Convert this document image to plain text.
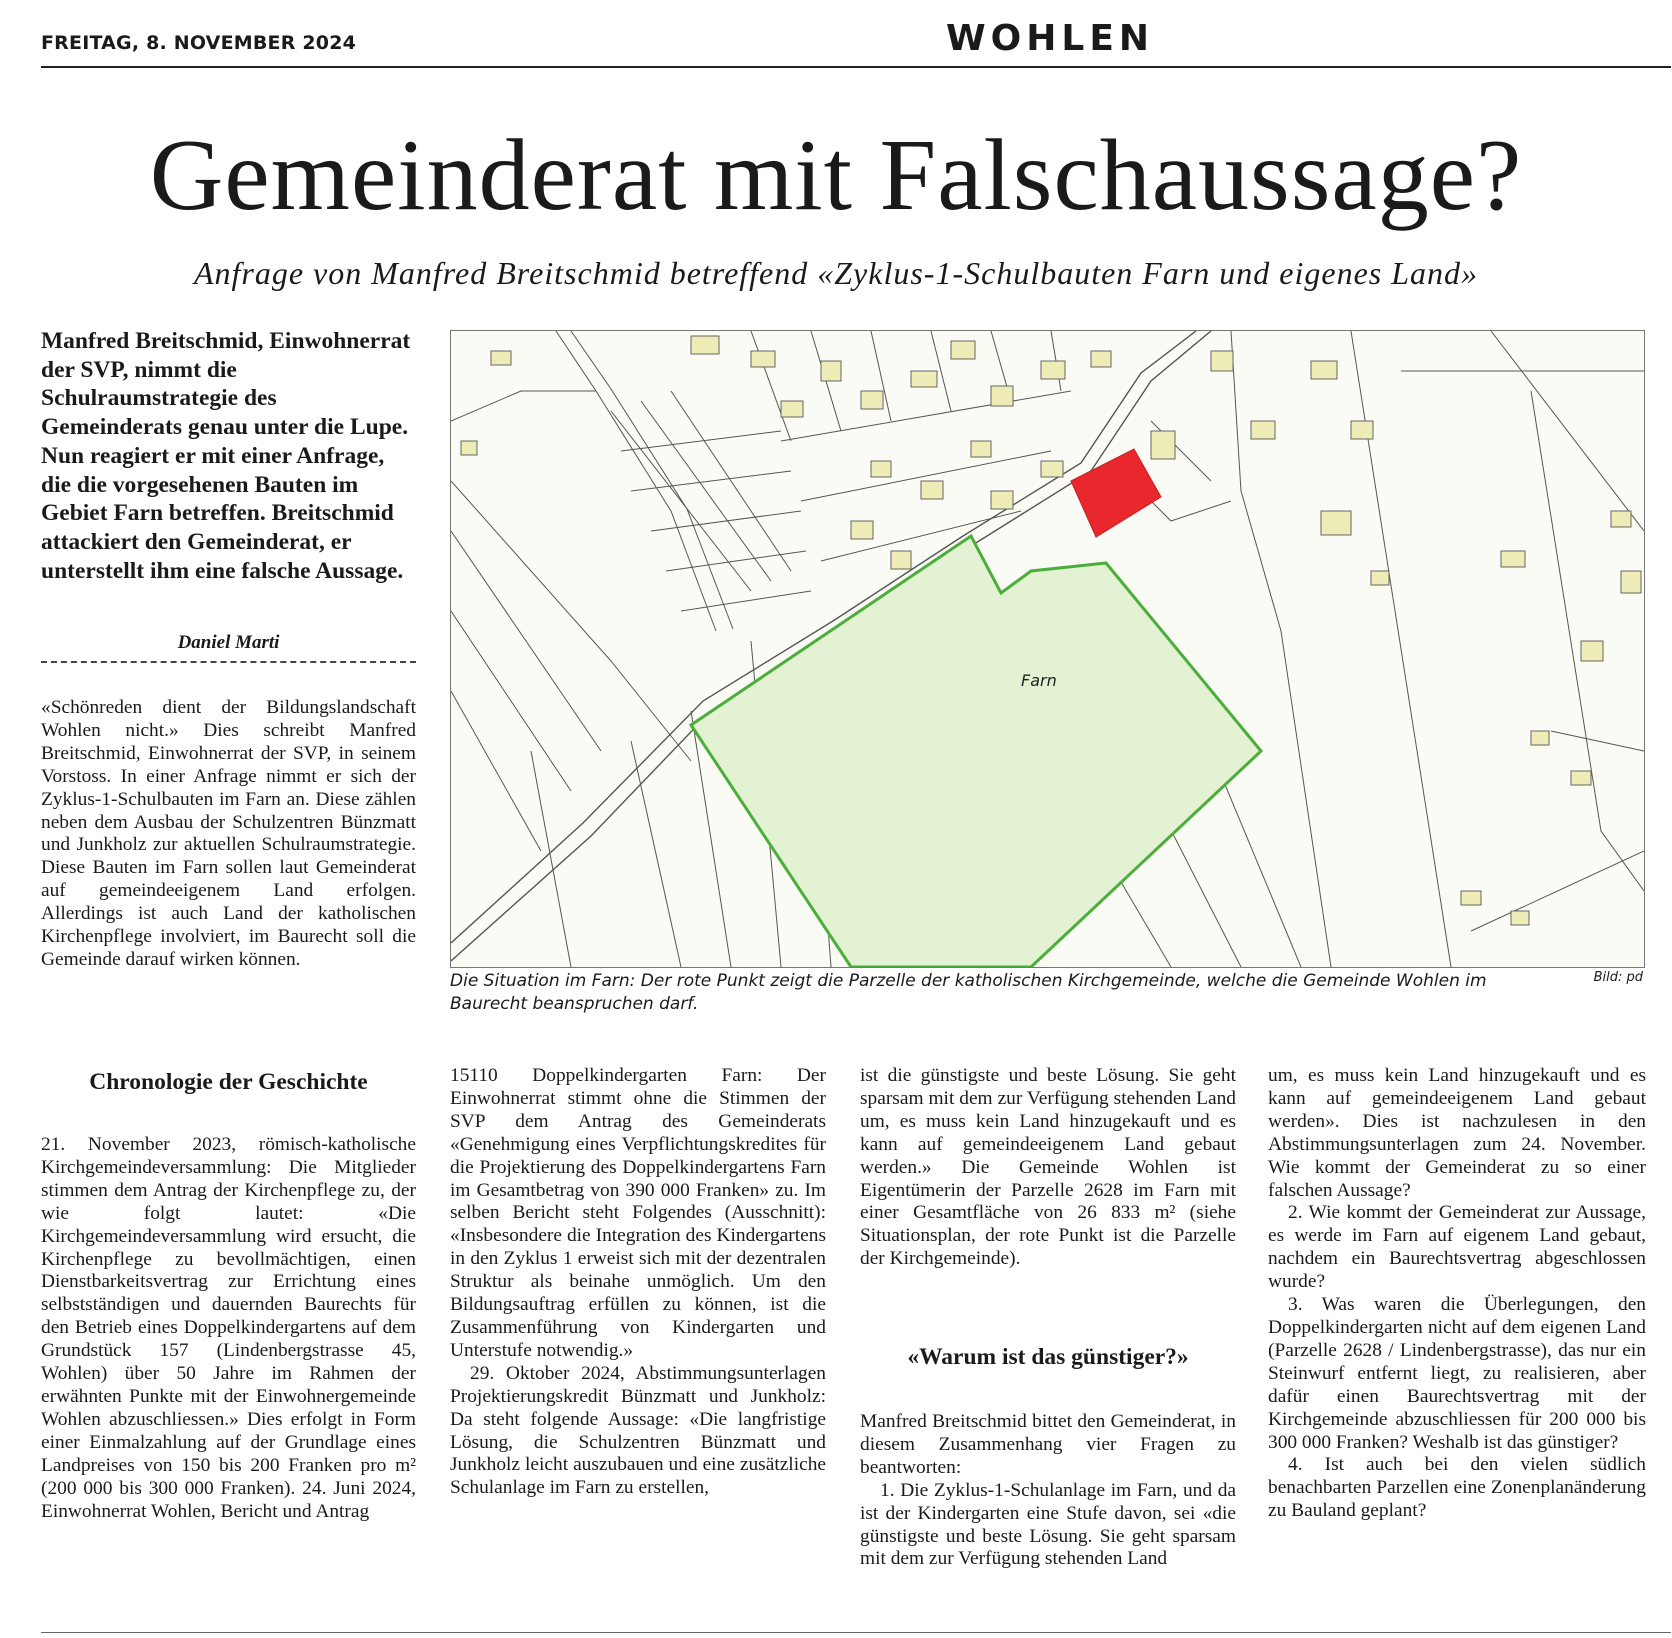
FREITAG, 8. NOVEMBER 2024	WOHLEN
Gemeinderat mit Falschaussage?
Anfrage von Manfred Breitschmid betreffend «Zyklus-1-Schulbauten Farn und eigenes Land»
Manfred Breitschmid, Einwohnerrat der SVP, nimmt die Schulraumstrategie des Gemeinderats genau unter die Lupe. Nun reagiert er mit einer Anfrage, die die vorgesehenen Bauten im Gebiet Farn betreffen. Breitschmid attackiert den Gemeinderat, er unterstellt ihm eine falsche Aussage.
Daniel Marti

«Schönreden dient der Bildungslandschaft Wohlen nicht.» Dies schreibt Manfred Breitschmid, Einwohnerrat der SVP, in seinem Vorstoss. In einer Anfrage nimmt er sich der Zyklus-1-Schulbauten im Farn an. Diese zählen neben dem Ausbau der Schulzentren Bünzmatt und Junkholz zur aktuellen Schulraumstrategie. Diese Bauten im Farn sollen laut Gemeinderat auf gemeindeeigenem Land erfolgen. Allerdings ist auch Land der katholischen Kirchenpflege involviert, im Baurecht soll die Gemeinde darauf wirken können.

Chronologie der Geschichte

21. November 2023, römisch-katholische Kirchgemeindeversammlung: Die Mitglieder stimmen dem Antrag der Kirchenpflege zu, der wie folgt lautet: «Die Kirchgemeindeversammlung wird ersucht, die Kirchenpflege zu bevollmächtigen, einen Dienstbarkeitsvertrag zur Errichtung eines selbstständigen und dauernden Baurechts für den Betrieb eines Doppelkindergartens auf dem Grundstück 157 (Lindenbergstrasse 45, Wohlen) über 50 Jahre im Rahmen der erwähnten Punkte mit der Einwohnergemeinde Wohlen abzuschliessen.» Dies erfolgt in Form einer Einmalzahlung auf der Grundlage eines Landpreises von 150 bis 200 Franken pro m² (200 000 bis 300 000 Franken). 24. Juni 2024, Einwohnerrat Wohlen, Bericht und Antrag

15110 Doppelkindergarten Farn: Der Einwohnerrat stimmt ohne die Stimmen der SVP dem Antrag des Gemeinderats «Genehmigung eines Verpflichtungskredites für die Projektierung des Doppelkindergartens Farn im Gesamtbetrag von 390 000 Franken» zu. Im selben Bericht steht Folgendes (Ausschnitt): «Insbesondere die Integration des Kindergartens in den Zyklus 1 erweist sich mit der dezentralen Struktur als beinahe unmöglich. Um den Bildungsauftrag erfüllen zu können, ist die Zusammenführung von Kindergarten und Unterstufe notwendig.»

29. Oktober 2024, Abstimmungsunterlagen Projektierungskredit Bünzmatt und Junkholz: Da steht folgende Aussage: «Die langfristige Lösung, die Schulzentren Bünzmatt und Junkholz leicht auszubauen und eine zusätzliche Schulanlage im Farn zu erstellen,

ist die günstigste und beste Lösung. Sie geht sparsam mit dem zur Verfügung stehenden Land um, es muss kein Land hinzugekauft und es kann auf gemeindeeigenem Land gebaut werden.» Die Gemeinde Wohlen ist Eigentümerin der Parzelle 2628 im Farn mit einer Gesamtfläche von 26 833 m² (siehe Situationsplan, der rote Punkt ist die Parzelle der Kirchgemeinde).

«Warum ist das günstiger?»

Manfred Breitschmid bittet den Gemeinderat, in diesem Zusammenhang vier Fragen zu beantworten:

1. Die Zyklus-1-Schulanlage im Farn, und da ist der Kindergarten eine Stufe davon, sei «die günstigste und beste Lösung. Sie geht sparsam mit dem zur Verfügung stehenden Land

um, es muss kein Land hinzugekauft und es kann auf gemeindeeigenem Land gebaut werden». Dies ist nachzulesen in den Abstimmungsunterlagen zum 24. November. Wie kommt der Gemeinderat zu so einer falschen Aussage?

2. Wie kommt der Gemeinderat zur Aussage, es werde im Farn auf eigenem Land gebaut, nachdem ein Baurechtsvertrag abgeschlossen wurde?

3. Was waren die Überlegungen, den Doppelkindergarten nicht auf dem eigenen Land (Parzelle 2628 / Lindenbergstrasse), das nur ein Steinwurf entfernt liegt, zu realisieren, aber dafür einen Baurechtsvertrag mit der Kirchgemeinde abzuschliessen für 200 000 bis 300 000 Franken? Weshalb ist das günstiger?

4. Ist auch bei den vielen südlich benachbarten Parzellen eine Zonenplanänderung zu Bauland geplant?

Farn
Die Situation im Farn: Der rote Punkt zeigt die Parzelle der katholischen Kirchgemeinde, welche die Gemeinde Wohlen im Baurecht beanspruchen darf.
Bild: pd
